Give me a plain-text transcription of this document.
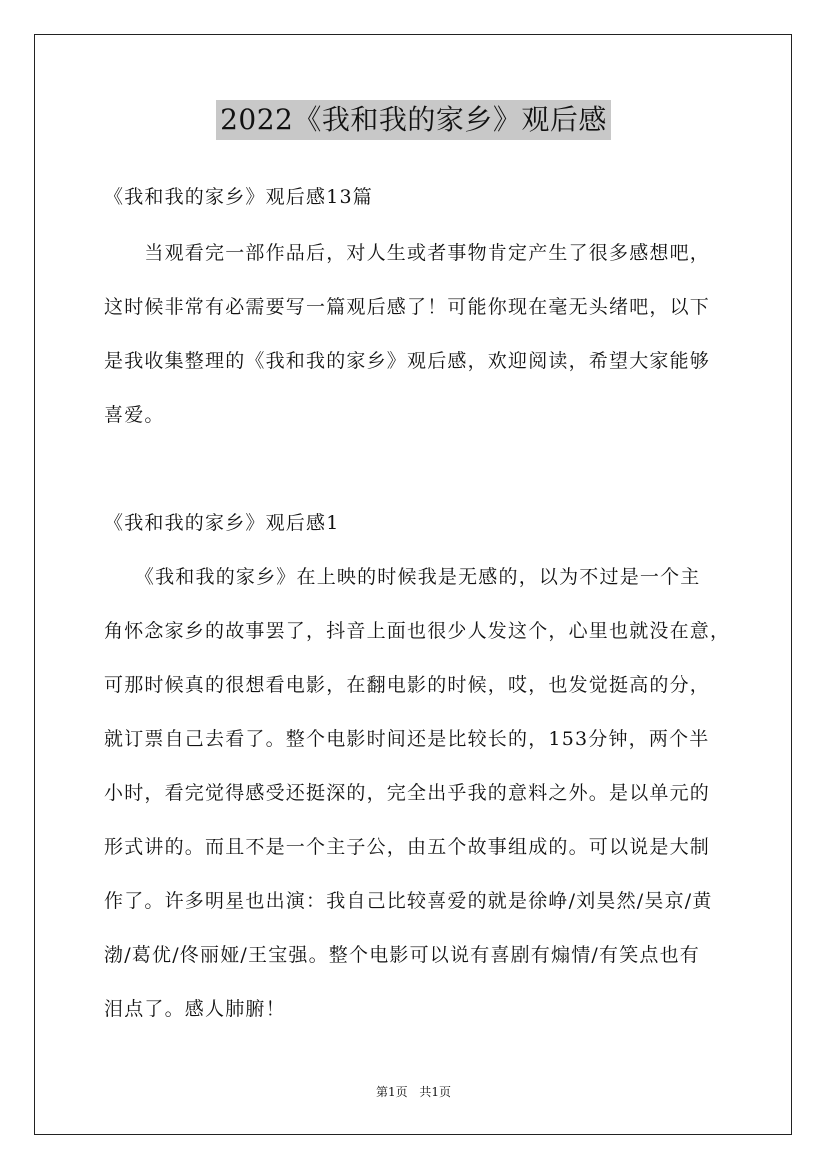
2022《我和我的家乡》观后感
《我和我的家乡》观后感13篇
　　当观看完一部作品后，对人生或者事物肯定产生了很多感想吧，
这时候非常有必需要写一篇观后感了！可能你现在毫无头绪吧，以下
是我收集整理的《我和我的家乡》观后感，欢迎阅读，希望大家能够
喜爱。
《我和我的家乡》观后感1
　　《我和我的家乡》在上映的时候我是无感的，以为不过是一个主
角怀念家乡的故事罢了，抖音上面也很少人发这个，心里也就没在意，
可那时候真的很想看电影，在翻电影的时候，哎，也发觉挺高的分，
就订票自己去看了。整个电影时间还是比较长的，153分钟，两个半
小时，看完觉得感受还挺深的，完全出乎我的意料之外。是以单元的
形式讲的。而且不是一个主子公，由五个故事组成的。可以说是大制
作了。许多明星也出演：我自己比较喜爱的就是徐峥/刘昊然/吴京/黄
渤/葛优/佟丽娅/王宝强。整个电影可以说有喜剧有煽情/有笑点也有
泪点了。感人肺腑！
第1页 共1页
